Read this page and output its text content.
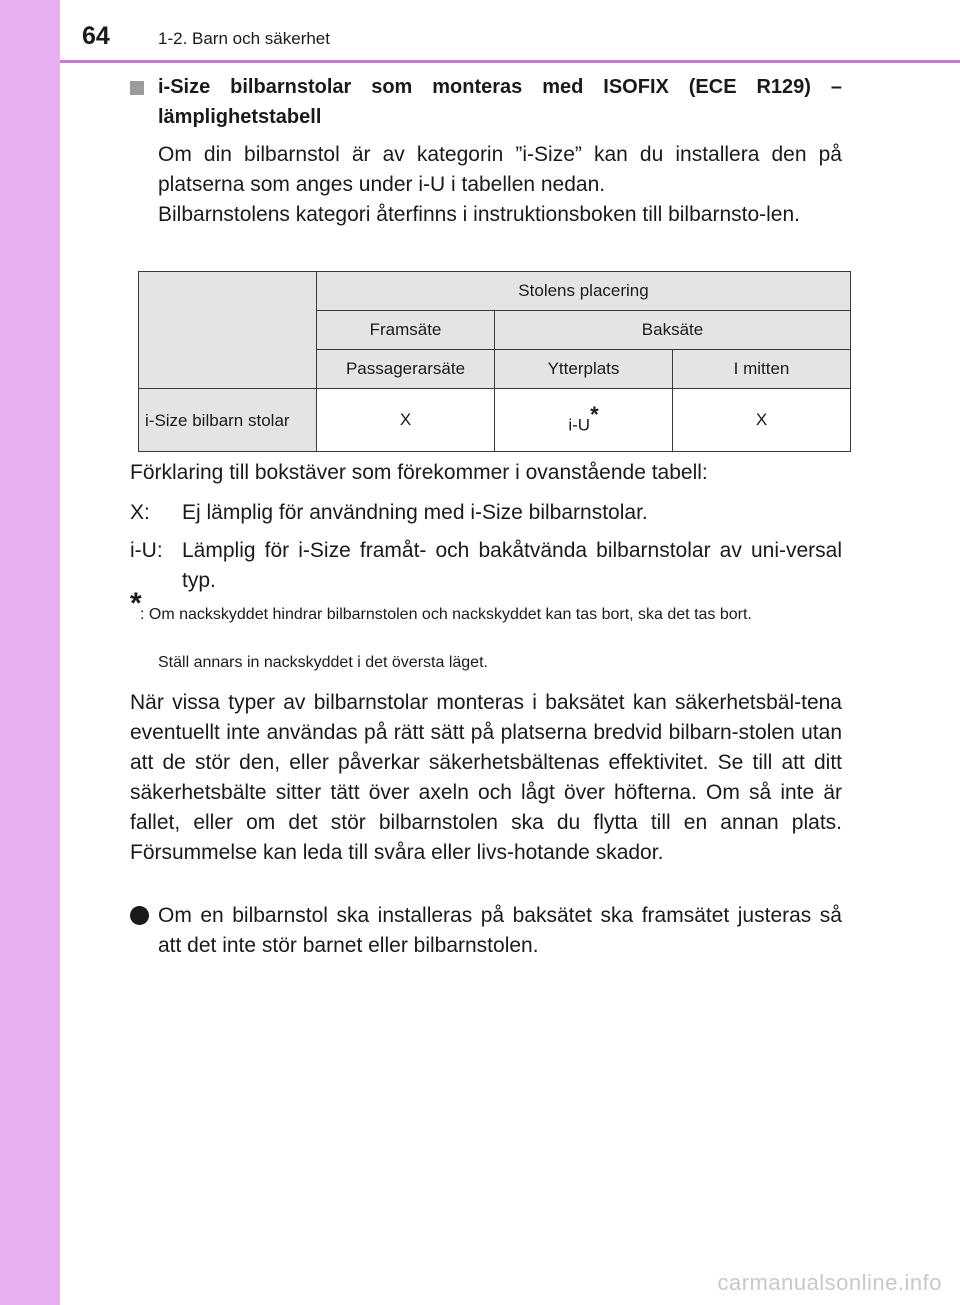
64	1-2. Barn och säkerhet
i-Size bilbarnstolar som monteras med ISOFIX (ECE R129) – lämplighetstabell
Om din bilbarnstol är av kategorin ”i-Size” kan du installera den på platserna som anges under i-U i tabellen nedan.
Bilbarnstolens kategori återfinns i instruktionsboken till bilbarnsto-len.
	Stolens placering		
	Framsäte	Baksäte	
	Passagerarsäte	Ytterplats	I mitten
i-Size bilbarn stolar	X	i-U*	X
Förklaring till bokstäver som förekommer i ovanstående tabell:
X: Ej lämplig för användning med i-Size bilbarnstolar.
i-U: Lämplig för i-Size framåt- och bakåtvända bilbarnstolar av uni-versal typ.
*
: Om nackskyddet hindrar bilbarnstolen och nackskyddet kan tas bort, ska det tas bort.
Ställ annars in nackskyddet i det översta läget.
När vissa typer av bilbarnstolar monteras i baksätet kan säkerhetsbäl-tena eventuellt inte användas på rätt sätt på platserna bredvid bilbarn-stolen utan att de stör den, eller påverkar säkerhetsbältenas effektivitet. Se till att ditt säkerhetsbälte sitter tätt över axeln och lågt över höfterna. Om så inte är fallet, eller om det stör bilbarnstolen ska du flytta till en annan plats. Försummelse kan leda till svåra eller livs-hotande skador.
Om en bilbarnstol ska installeras på baksätet ska framsätet justeras så att det inte stör barnet eller bilbarnstolen.
carmanualsonline.info
